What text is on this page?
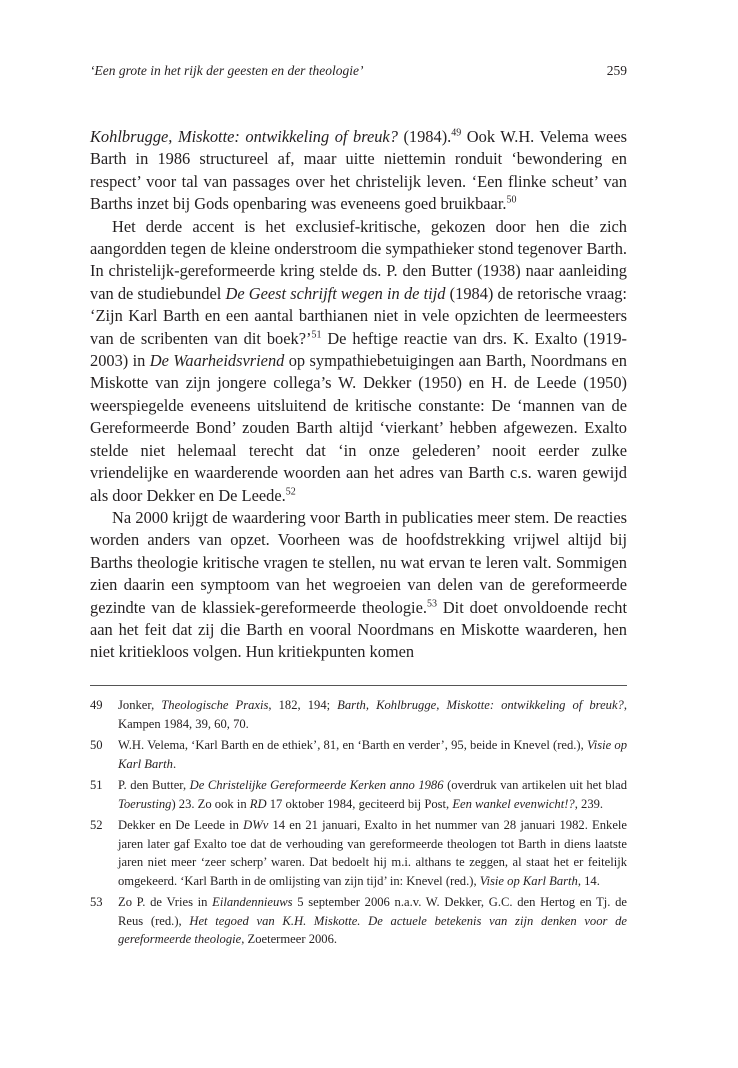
‘Een grote in het rijk der geesten en der theologie’	259

Kohlbrugge, Miskotte: ontwikkeling of breuk? (1984).$^{49}$ Ook W.H. Velema wees Barth in 1986 structureel af, maar uitte niettemin ronduit ‘bewondering en respect’ voor tal van passages over het christelijk leven. ‘Een flinke scheut’ van Barths inzet bij Gods openbaring was eveneens goed bruikbaar.$^{50}$

Het derde accent is het exclusief-kritische, gekozen door hen die zich aangordden tegen de kleine onderstroom die sympathieker stond tegenover Barth. In christelijk-gereformeerde kring stelde ds. P. den Butter (1938) naar aanleiding van de studiebundel De Geest schrijft wegen in de tijd (1984) de retorische vraag: ‘Zijn Karl Barth en een aantal barthianen niet in vele opzichten de leermeesters van de scribenten van dit boek?’$^{51}$ De heftige reactie van drs. K. Exalto (1919-2003) in De Waarheidsvriend op sympathiebetuigingen aan Barth, Noordmans en Miskotte van zijn jongere collega’s W. Dekker (1950) en H. de Leede (1950) weerspiegelde eveneens uitsluitend de kritische constante: De ‘mannen van de Gereformeerde Bond’ zouden Barth altijd ‘vierkant’ hebben afgewezen. Exalto stelde niet helemaal terecht dat ‘in onze gelederen’ nooit eerder zulke vriendelijke en waarderende woorden aan het adres van Barth c.s. waren gewijd als door Dekker en De Leede.$^{52}$

Na 2000 krijgt de waardering voor Barth in publicaties meer stem. De reacties worden anders van opzet. Voorheen was de hoofdstrekking vrijwel altijd bij Barths theologie kritische vragen te stellen, nu wat ervan te leren valt. Sommigen zien daarin een symptoom van het wegroeien van delen van de gereformeerde gezindte van de klassiek-gereformeerde theologie.$^{53}$ Dit doet onvoldoende recht aan het feit dat zij die Barth en vooral Noordmans en Miskotte waarderen, hen niet kritiekloos volgen. Hun kritiekpunten komen

49 Jonker, Theologische Praxis, 182, 194; Barth, Kohlbrugge, Miskotte: ontwikkeling of breuk?, Kampen 1984, 39, 60, 70.
50 W.H. Velema, ‘Karl Barth en de ethiek’, 81, en ‘Barth en verder’, 95, beide in Knevel (red.), Visie op Karl Barth.
51 P. den Butter, De Christelijke Gereformeerde Kerken anno 1986 (overdruk van artikelen uit het blad Toerusting) 23. Zo ook in RD 17 oktober 1984, geciteerd bij Post, Een wankel evenwicht!?, 239.
52 Dekker en De Leede in DWv 14 en 21 januari, Exalto in het nummer van 28 januari 1982. Enkele jaren later gaf Exalto toe dat de verhouding van gereformeerde theologen tot Barth in diens laatste jaren niet meer ‘zeer scherp’ waren. Dat bedoelt hij m.i. althans te zeggen, al staat het er feitelijk omgekeerd. ‘Karl Barth in de omlijsting van zijn tijd’ in: Knevel (red.), Visie op Karl Barth, 14.
53 Zo P. de Vries in Eilandennieuws 5 september 2006 n.a.v. W. Dekker, G.C. den Hertog en Tj. de Reus (red.), Het tegoed van K.H. Miskotte. De actuele betekenis van zijn denken voor de gereformeerde theologie, Zoetermeer 2006.
